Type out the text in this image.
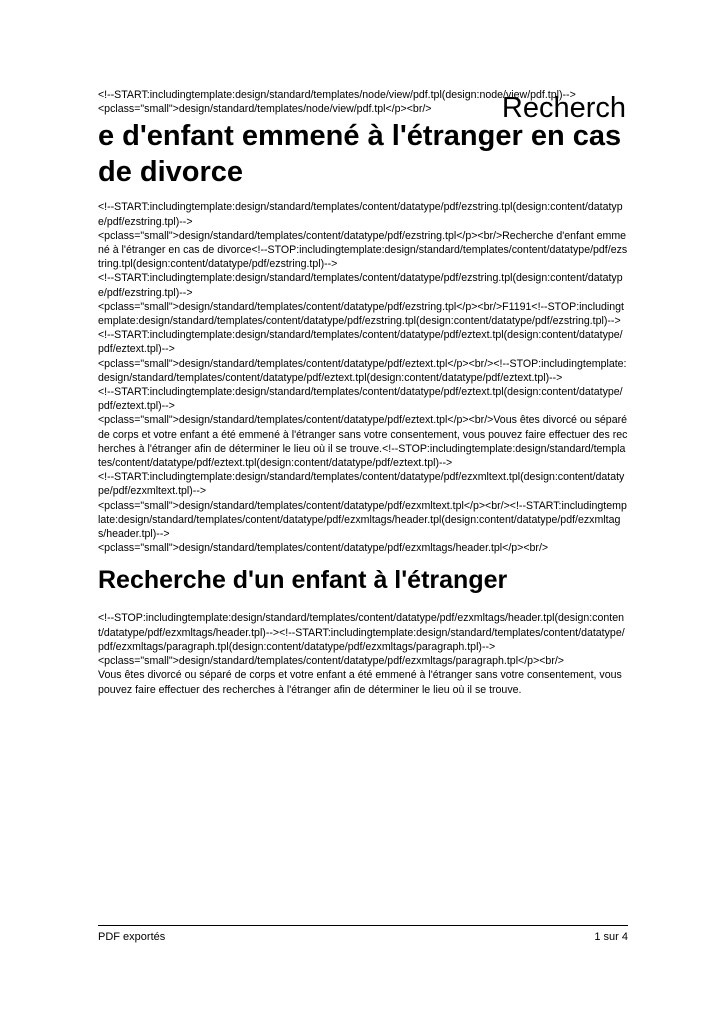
<!--START:includingtemplate:design/standard/templates/node/view/pdf.tpl(design:node/view/pdf.tpl)-->

<pclass="small">design/standard/templates/node/view/pdf.tpl</p><br/>	Recherch
e d'enfant emmené à l'étranger en cas de divorce

<!--START:includingtemplate:design/standard/templates/content/datatype/pdf/ezstring.tpl(design:content/datatype/pdf/ezstring.tpl)-->

<pclass="small">design/standard/templates/content/datatype/pdf/ezstring.tpl</p><br/>Recherche d'enfant emmené à l'étranger en cas de divorce<!--STOP:includingtemplate:design/standard/templates/content/datatype/pdf/ezstring.tpl(design:content/datatype/pdf/ezstring.tpl)-->

<!--START:includingtemplate:design/standard/templates/content/datatype/pdf/ezstring.tpl(design:content/datatype/pdf/ezstring.tpl)-->

<pclass="small">design/standard/templates/content/datatype/pdf/ezstring.tpl</p><br/>F1191<!--STOP:includingtemplate:design/standard/templates/content/datatype/pdf/ezstring.tpl(design:content/datatype/pdf/ezstring.tpl)-->

<!--START:includingtemplate:design/standard/templates/content/datatype/pdf/eztext.tpl(design:content/datatype/pdf/eztext.tpl)-->

<pclass="small">design/standard/templates/content/datatype/pdf/eztext.tpl</p><br/><!--STOP:includingtemplate:design/standard/templates/content/datatype/pdf/eztext.tpl(design:content/datatype/pdf/eztext.tpl)-->

<!--START:includingtemplate:design/standard/templates/content/datatype/pdf/eztext.tpl(design:content/datatype/pdf/eztext.tpl)-->

<pclass="small">design/standard/templates/content/datatype/pdf/eztext.tpl</p><br/>Vous êtes divorcé ou séparé de corps et votre enfant a été emmené à l'étranger sans votre consentement, vous pouvez faire effectuer des recherches à l'étranger afin de déterminer le lieu où il se trouve.<!--STOP:includingtemplate:design/standard/templates/content/datatype/pdf/eztext.tpl(design:content/datatype/pdf/eztext.tpl)-->

<!--START:includingtemplate:design/standard/templates/content/datatype/pdf/ezxmltext.tpl(design:content/datatype/pdf/ezxmltext.tpl)-->

<pclass="small">design/standard/templates/content/datatype/pdf/ezxmltext.tpl</p><br/><!--START:includingtemplate:design/standard/templates/content/datatype/pdf/ezxmltags/header.tpl(design:content/datatype/pdf/ezxmltags/header.tpl)-->

<pclass="small">design/standard/templates/content/datatype/pdf/ezxmltags/header.tpl</p><br/>

Recherche d'un enfant à l'étranger

<!--STOP:includingtemplate:design/standard/templates/content/datatype/pdf/ezxmltags/header.tpl(design:content/datatype/pdf/ezxmltags/header.tpl)--><!--START:includingtemplate:design/standard/templates/content/datatype/pdf/ezxmltags/paragraph.tpl(design:content/datatype/pdf/ezxmltags/paragraph.tpl)-->

<pclass="small">design/standard/templates/content/datatype/pdf/ezxmltags/paragraph.tpl</p><br/>

Vous êtes divorcé ou séparé de corps et votre enfant a été emmené à l'étranger sans votre consentement, vous pouvez faire effectuer des recherches à l'étranger afin de déterminer le lieu où il se trouve.

PDF exportés	1 sur 4
